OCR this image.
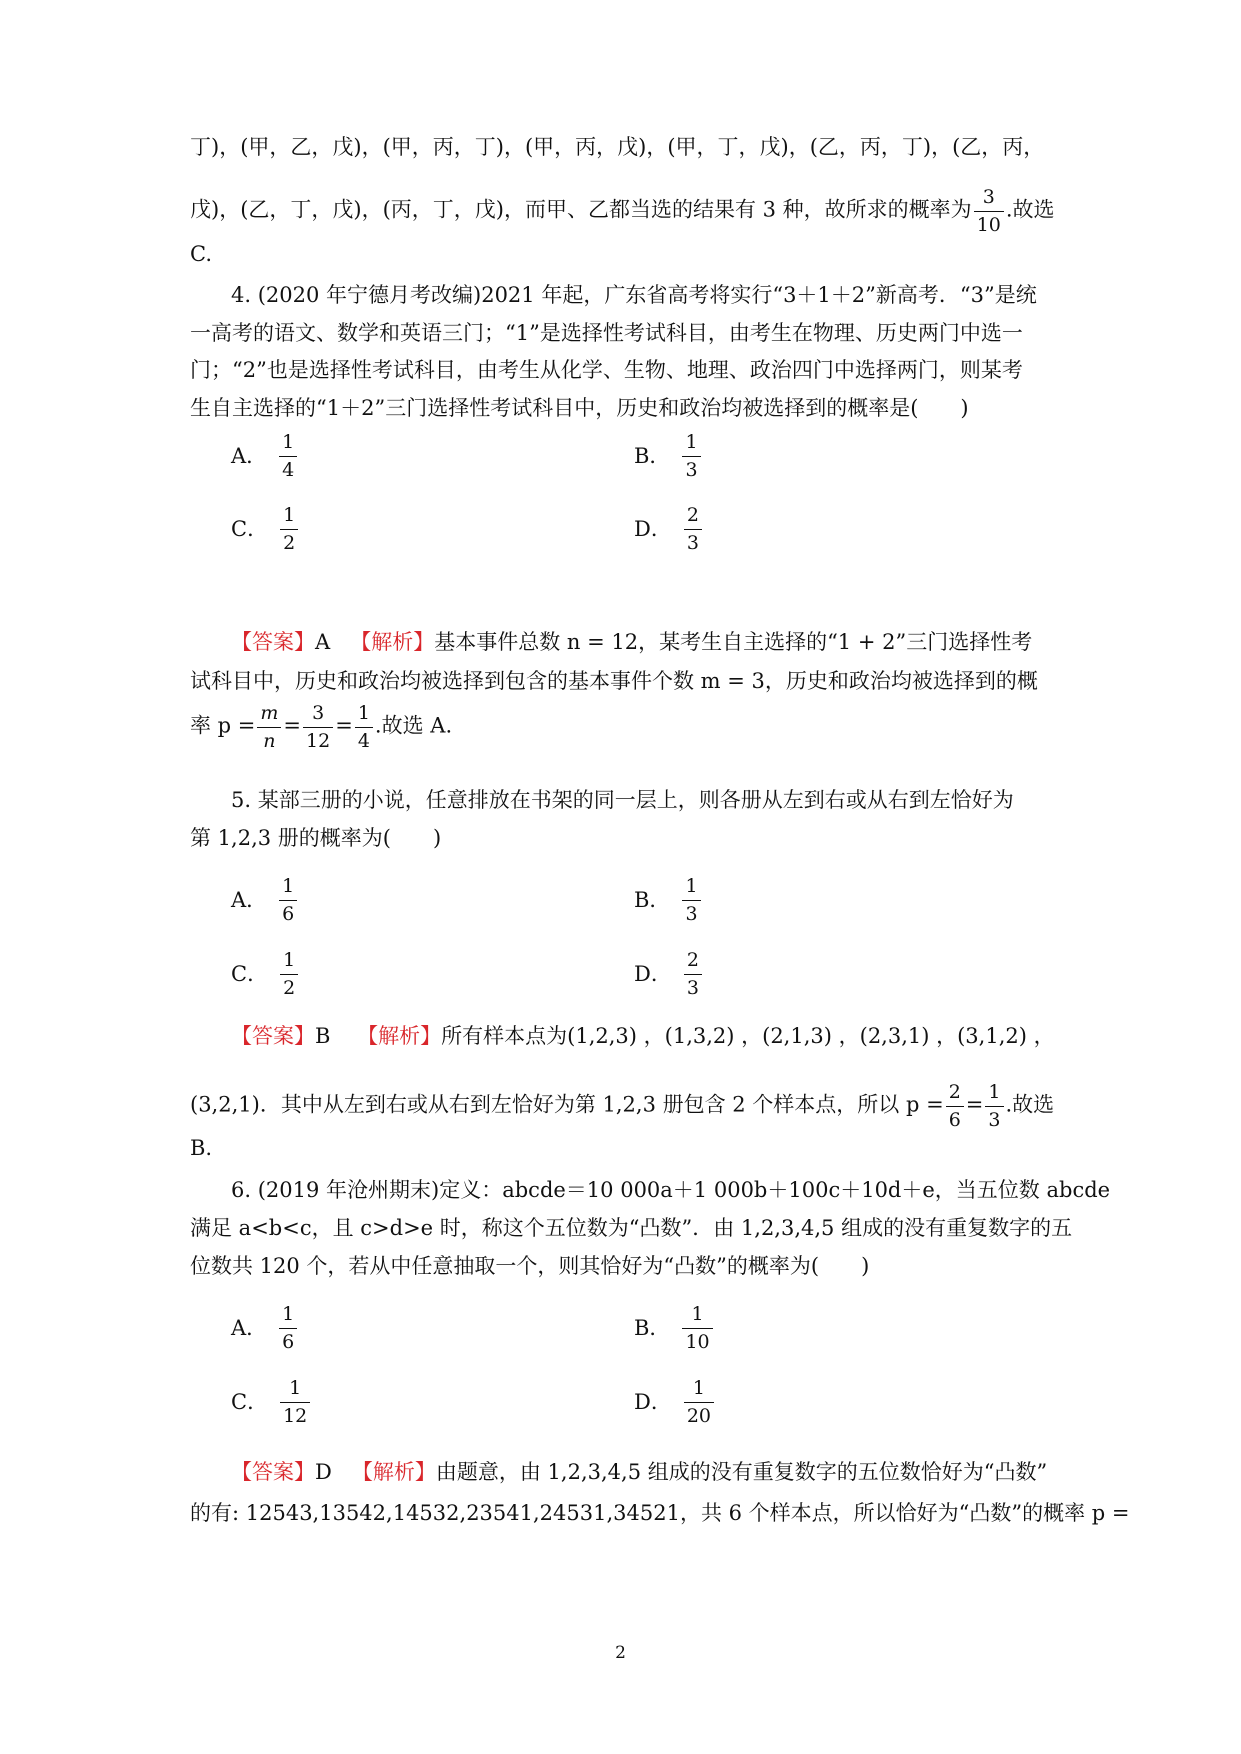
丁)，(甲，乙，戊)，(甲，丙，丁)，(甲，丙，戊)，(甲，丁，戊)，(乙，丙，丁)，(乙，丙，
戊)，(乙，丁，戊)，(丙，丁，戊)，而甲、乙都当选的结果有 3 种，故所求的概率为 $\frac{3}{10}$ .故选
C.
4. (2020 年宁德月考改编)2021 年起，广东省高考将实行“3＋1＋2”新高考．“3”是统
一高考的语文、数学和英语三门；“1”是选择性考试科目，由考生在物理、历史两门中选一
门；“2”也是选择性考试科目，由考生从化学、生物、地理、政治四门中选择两门，则某考
生自主选择的“1＋2”三门选择性考试科目中，历史和政治均被选择到的概率是(　　)
A． $\frac{1}{4}$	B． $\frac{1}{3}$
C． $\frac{1}{2}$	D． $\frac{2}{3}$
【答案】A 【解析】基本事件总数 n = 12，某考生自主选择的“1 + 2”三门选择性考
试科目中，历史和政治均被选择到包含的基本事件个数 m = 3，历史和政治均被选择到的概
率 $p = \frac{m}{n} = \frac{3}{12} = \frac{1}{4}$ .故选 A.
5. 某部三册的小说，任意排放在书架的同一层上，则各册从左到右或从右到左恰好为
第 1,2,3 册的概率为(　　)
A． $\frac{1}{6}$	B． $\frac{1}{3}$
C． $\frac{1}{2}$	D． $\frac{2}{3}$
【答案】B 【解析】所有样本点为(1,2,3) ，(1,3,2) ，(2,1,3) ，(2,3,1) ，(3,1,2) ，
(3,2,1)．其中从左到右或从右到左恰好为第 1,2,3 册包含 2 个样本点，所以 $p = \frac{2}{6} = \frac{1}{3}$ .故选
B.
6. (2019 年沧州期末)定义：abcde＝10 000a＋1 000b＋100c＋10d＋e，当五位数 abcde
满足 a<b<c，且 c>d>e 时，称这个五位数为“凸数”．由 1,2,3,4,5 组成的没有重复数字的五
位数共 120 个，若从中任意抽取一个，则其恰好为“凸数”的概率为(　　)
A． $\frac{1}{6}$	B． $\frac{1}{10}$
C． $\frac{1}{12}$	D． $\frac{1}{20}$
【答案】D 【解析】由题意，由 1,2,3,4,5 组成的没有重复数字的五位数恰好为“凸数”
的有: 12543,13542,14532,23541,24531,34521，共 6 个样本点，所以恰好为“凸数”的概率 p =
2
